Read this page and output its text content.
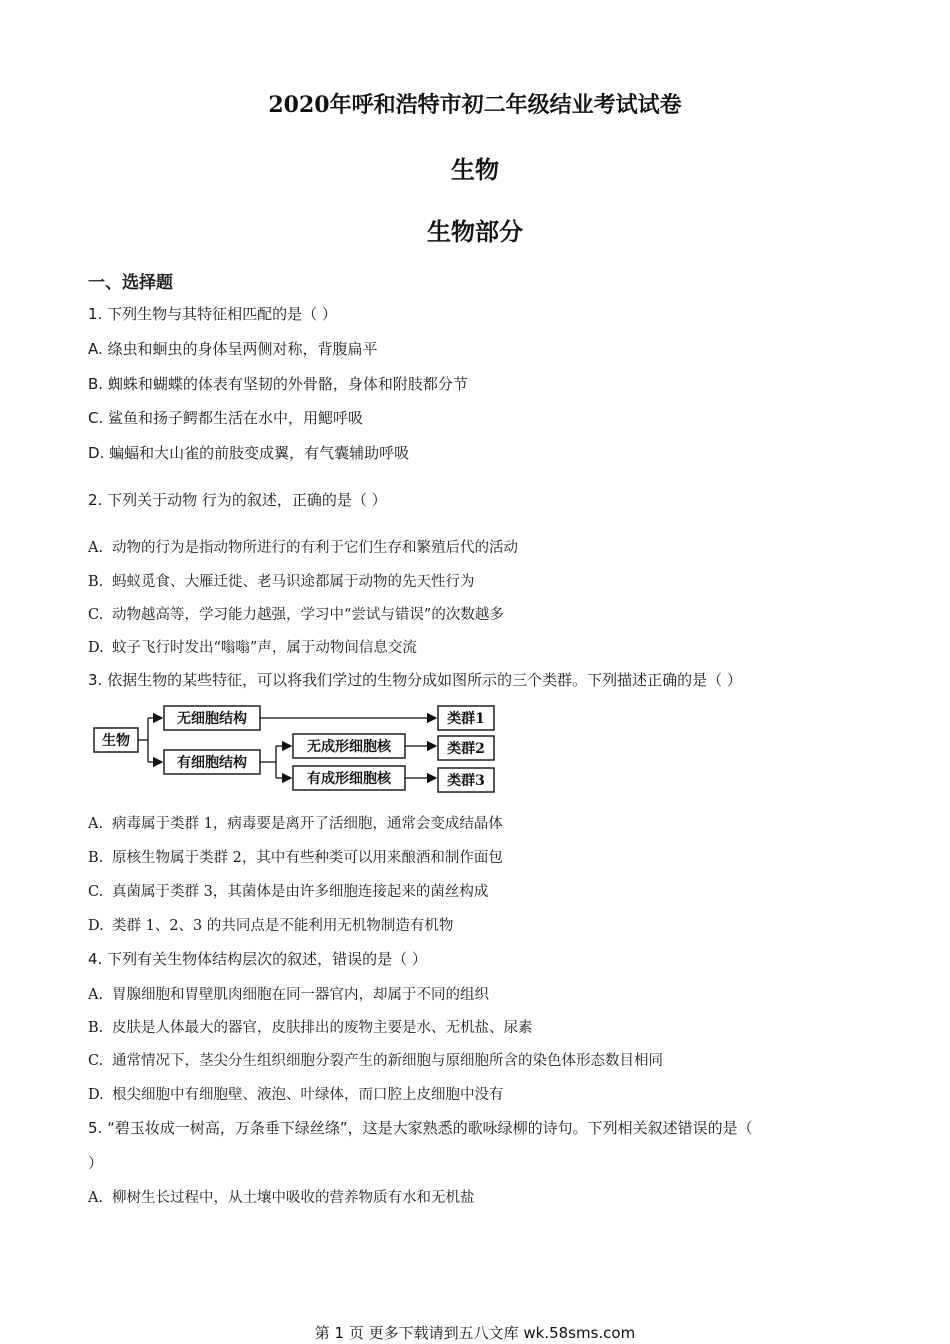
2020年呼和浩特市初二年级结业考试试卷
生物
生物部分
一、选择题
1. 下列生物与其特征相匹配的是（ ）
A. 绦虫和蛔虫的身体呈两侧对称，背腹扁平
B. 蜘蛛和蝴蝶的体表有坚韧的外骨骼，身体和附肢都分节
C. 鲨鱼和扬子鳄都生活在水中，用鳃呼吸
D. 蝙蝠和大山雀的前肢变成翼，有气囊辅助呼吸
2. 下列关于动物 行为的叙述，正确的是（ ）
A. 动物的行为是指动物所进行的有利于它们生存和繁殖后代的活动
B. 蚂蚁觅食、大雁迁徙、老马识途都属于动物的先天性行为
C. 动物越高等，学习能力越强，学习中“尝试与错误”的次数越多
D. 蚊子飞行时发出“嗡嗡”声，属于动物间信息交流
3. 依据生物的某些特征，可以将我们学过的生物分成如图所示的三个类群。下列描述正确的是（ ）
生物
无细胞结构
有细胞结构
无成形细胞核
有成形细胞核
类群1
类群2
类群3
A. 病毒属于类群 1，病毒要是离开了活细胞，通常会变成结晶体
B. 原核生物属于类群 2，其中有些种类可以用来酿酒和制作面包
C. 真菌属于类群 3，其菌体是由许多细胞连接起来的菌丝构成
D. 类群 1、2、3 的共同点是不能利用无机物制造有机物
4. 下列有关生物体结构层次的叙述，错误的是（ ）
A. 胃腺细胞和胃壁肌肉细胞在同一器官内，却属于不同的组织
B. 皮肤是人体最大的器官，皮肤排出的废物主要是水、无机盐、尿素
C. 通常情况下，茎尖分生组织细胞分裂产生的新细胞与原细胞所含的染色体形态数目相同
D. 根尖细胞中有细胞壁、液泡、叶绿体，而口腔上皮细胞中没有
5. “碧玉妆成一树高，万条垂下绿丝绦”，这是大家熟悉的歌咏绿柳的诗句。下列相关叙述错误的是（
）
A. 柳树生长过程中，从土壤中吸收的营养物质有水和无机盐
第 1 页 更多下载请到五八文库 wk.58sms.com
